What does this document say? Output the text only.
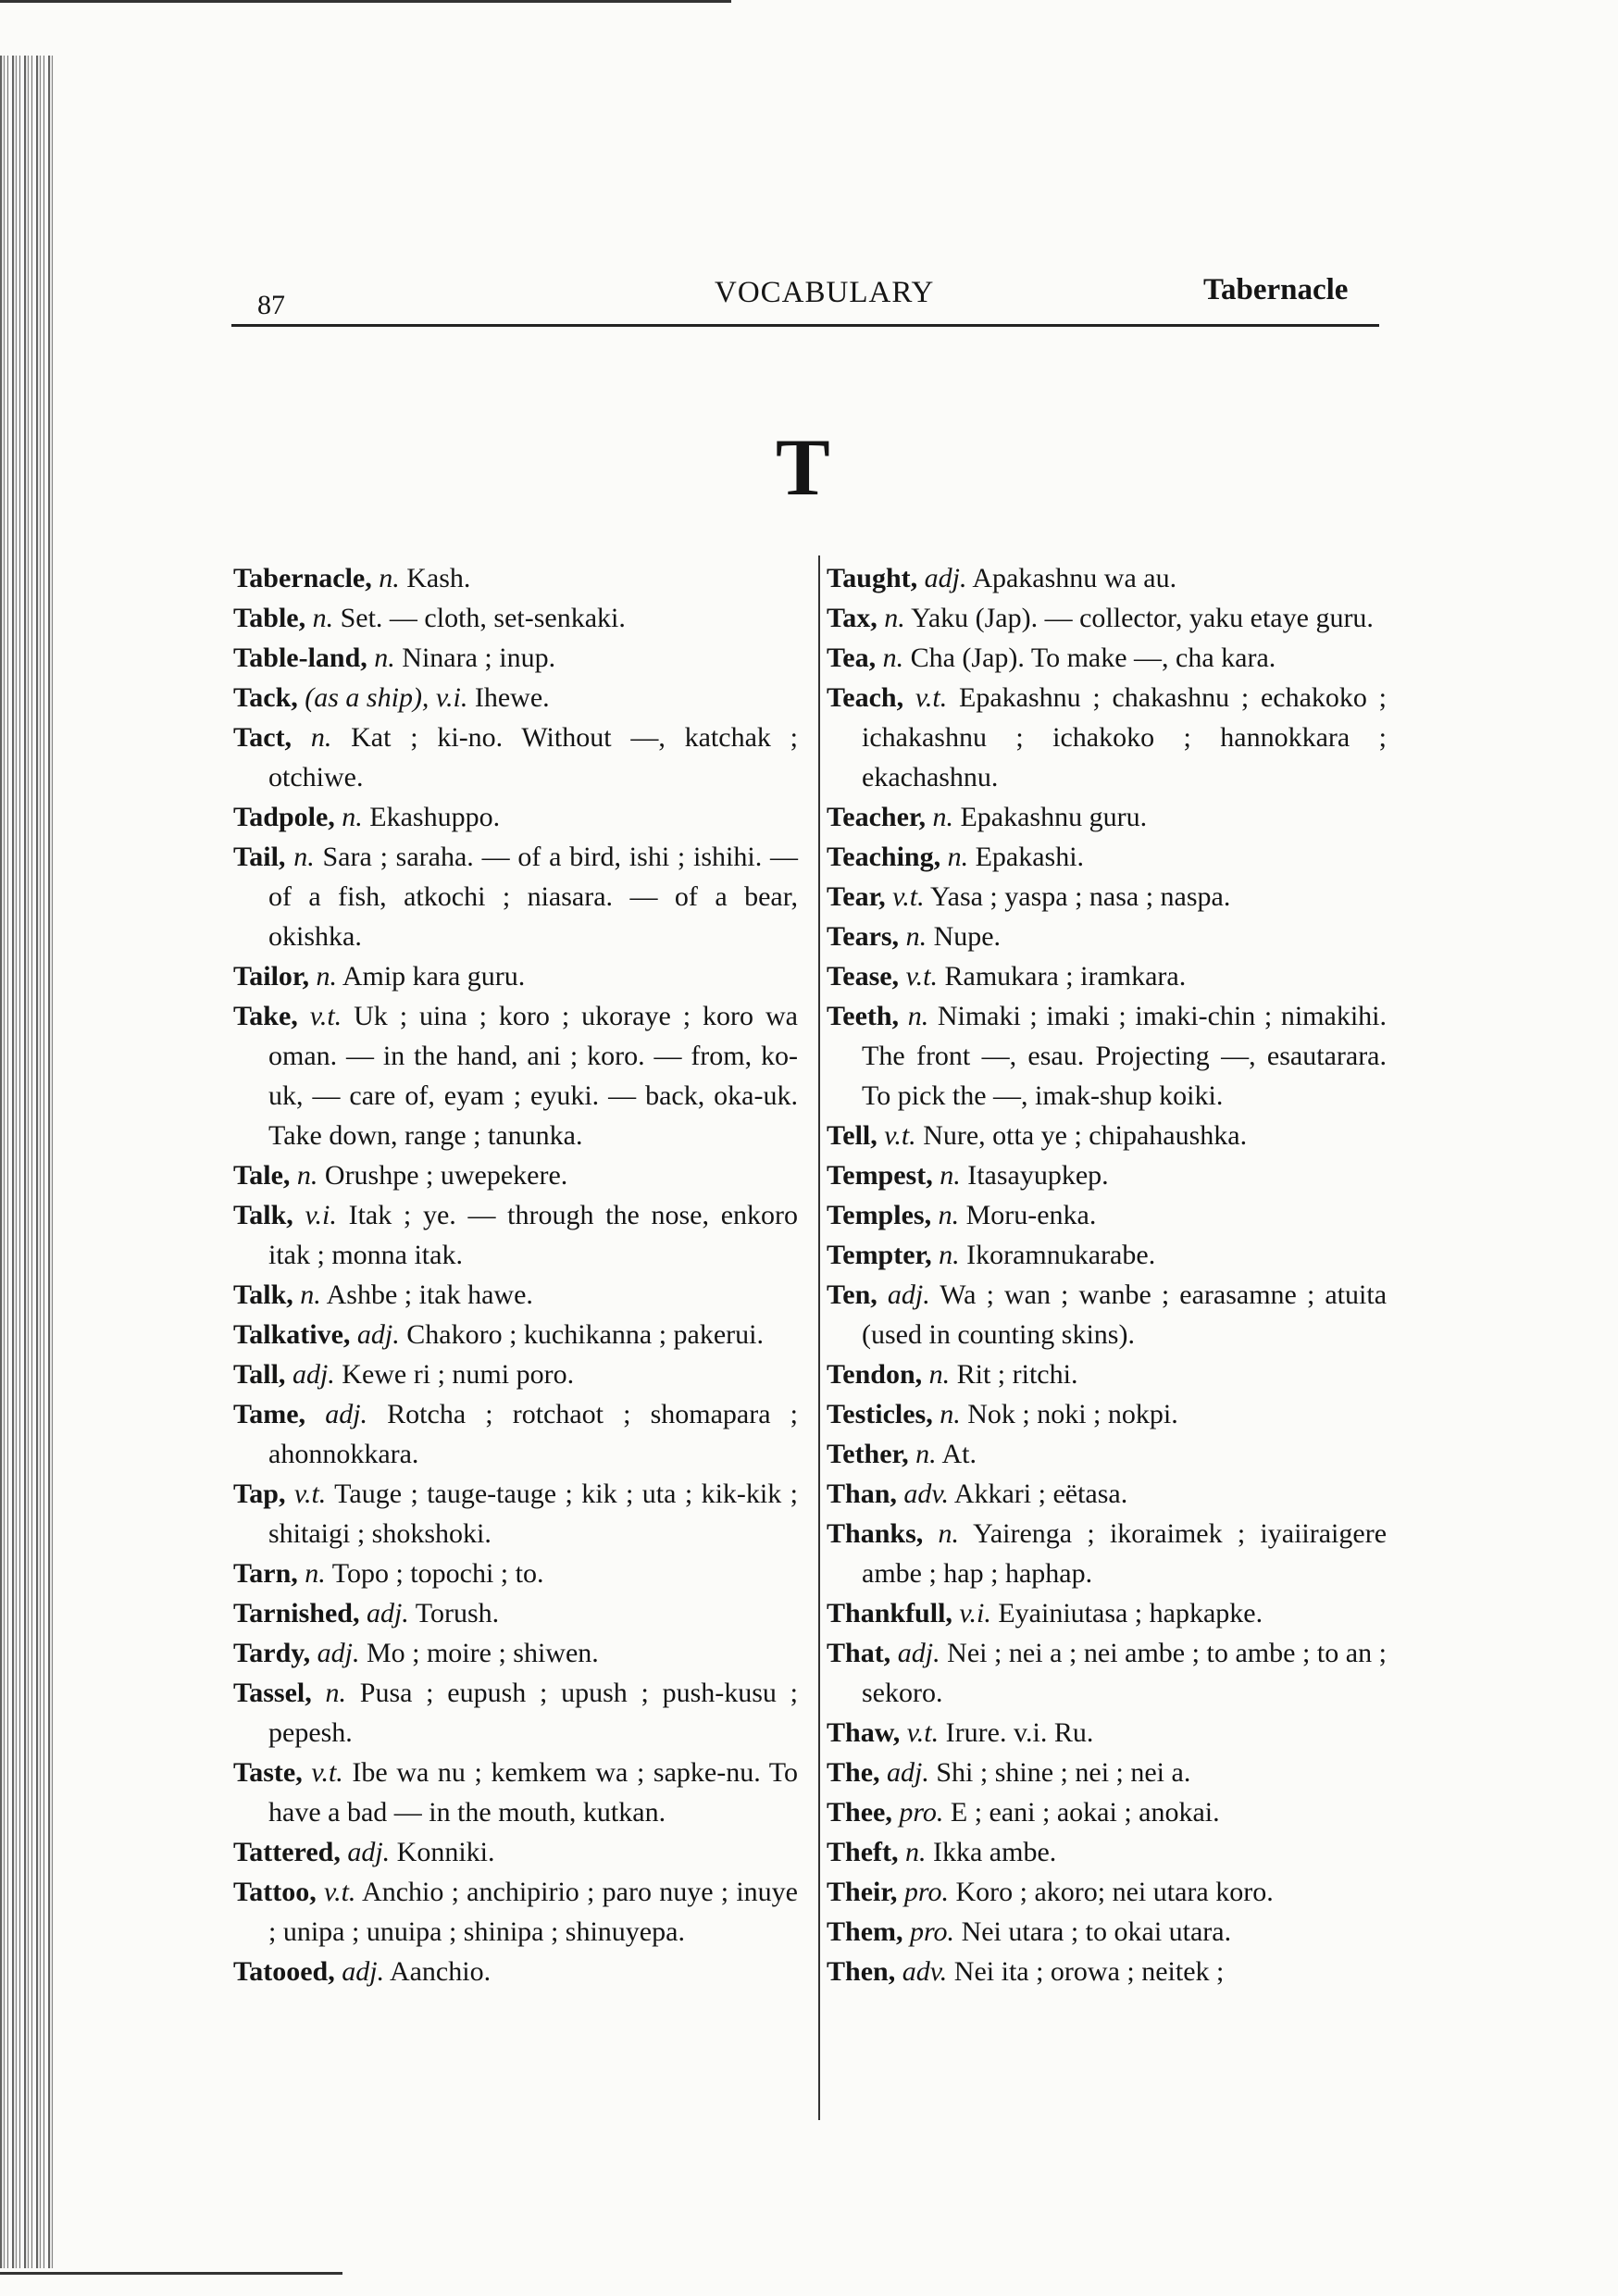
87	VOCABULARY	Tabernacle
T
Tabernacle, n. Kash.
Table, n. Set. — cloth, set-senkaki.
Table-land, n. Ninara ; inup.
Tack, (as a ship), v.i. Ihewe.
Tact, n. Kat ; ki-no. Without —, katchak ; otchiwe.
Tadpole, n. Ekashuppo.
Tail, n. Sara ; saraha. — of a bird, ishi ; ishihi. — of a fish, atkochi ; niasara. — of a bear, okishka.
Tailor, n. Amip kara guru.
Take, v.t. Uk ; uina ; koro ; ukoraye ; koro wa oman. — in the hand, ani ; koro. — from, ko-uk, — care of, eyam ; eyuki. — back, oka-uk. Take down, range ; tanunka.
Tale, n. Orushpe ; uwepekere.
Talk, v.i. Itak ; ye. — through the nose, enkoro itak ; monna itak.
Talk, n. Ashbe ; itak hawe.
Talkative, adj. Chakoro ; kuchikanna ; pakerui.
Tall, adj. Kewe ri ; numi poro.
Tame, adj. Rotcha ; rotchaot ; shomapara ; ahonnokkara.
Tap, v.t. Tauge ; tauge-tauge ; kik ; uta ; kik-kik ; shitaigi ; shokshoki.
Tarn, n. Topo ; topochi ; to.
Tarnished, adj. Torush.
Tardy, adj. Mo ; moire ; shiwen.
Tassel, n. Pusa ; eupush ; upush ; push-kusu ; pepesh.
Taste, v.t. Ibe wa nu ; kemkem wa ; sapke-nu. To have a bad — in the mouth, kutkan.
Tattered, adj. Konniki.
Tattoo, v.t. Anchio ; anchipirio ; paro nuye ; inuye ; unipa ; unuipa ; shinipa ; shinuyepa.
Tatooed, adj. Aanchio.
Taught, adj. Apakashnu wa au.
Tax, n. Yaku (Jap). — collector, yaku etaye guru.
Tea, n. Cha (Jap). To make —, cha kara.
Teach, v.t. Epakashnu ; chakashnu ; echakoko ; ichakashnu ; ichakoko ; hannokkara ; ekachashnu.
Teacher, n. Epakashnu guru.
Teaching, n. Epakashi.
Tear, v.t. Yasa ; yaspa ; nasa ; naspa.
Tears, n. Nupe.
Tease, v.t. Ramukara ; iramkara.
Teeth, n. Nimaki ; imaki ; imaki-chin ; nimakihi. The front —, esau. Projecting —, esautarara. To pick the —, imak-shup koiki.
Tell, v.t. Nure, otta ye ; chipahaushka.
Tempest, n. Itasayupkep.
Temples, n. Moru-enka.
Tempter, n. Ikoramnukarabe.
Ten, adj. Wa ; wan ; wanbe ; earasamne ; atuita (used in counting skins).
Tendon, n. Rit ; ritchi.
Testicles, n. Nok ; noki ; nokpi.
Tether, n. At.
Than, adv. Akkari ; eëtasa.
Thanks, n. Yairenga ; ikoraimek ; iyaiiraigere ambe ; hap ; haphap.
Thankfull, v.i. Eyainiutasa ; hapkapke.
That, adj. Nei ; nei a ; nei ambe ; to ambe ; to an ; sekoro.
Thaw, v.t. Irure. v.i. Ru.
The, adj. Shi ; shine ; nei ; nei a.
Thee, pro. E ; eani ; aokai ; anokai.
Theft, n. Ikka ambe.
Their, pro. Koro ; akoro; nei utara koro.
Them, pro. Nei utara ; to okai utara.
Then, adv. Nei ita ; orowa ; neitek ;
